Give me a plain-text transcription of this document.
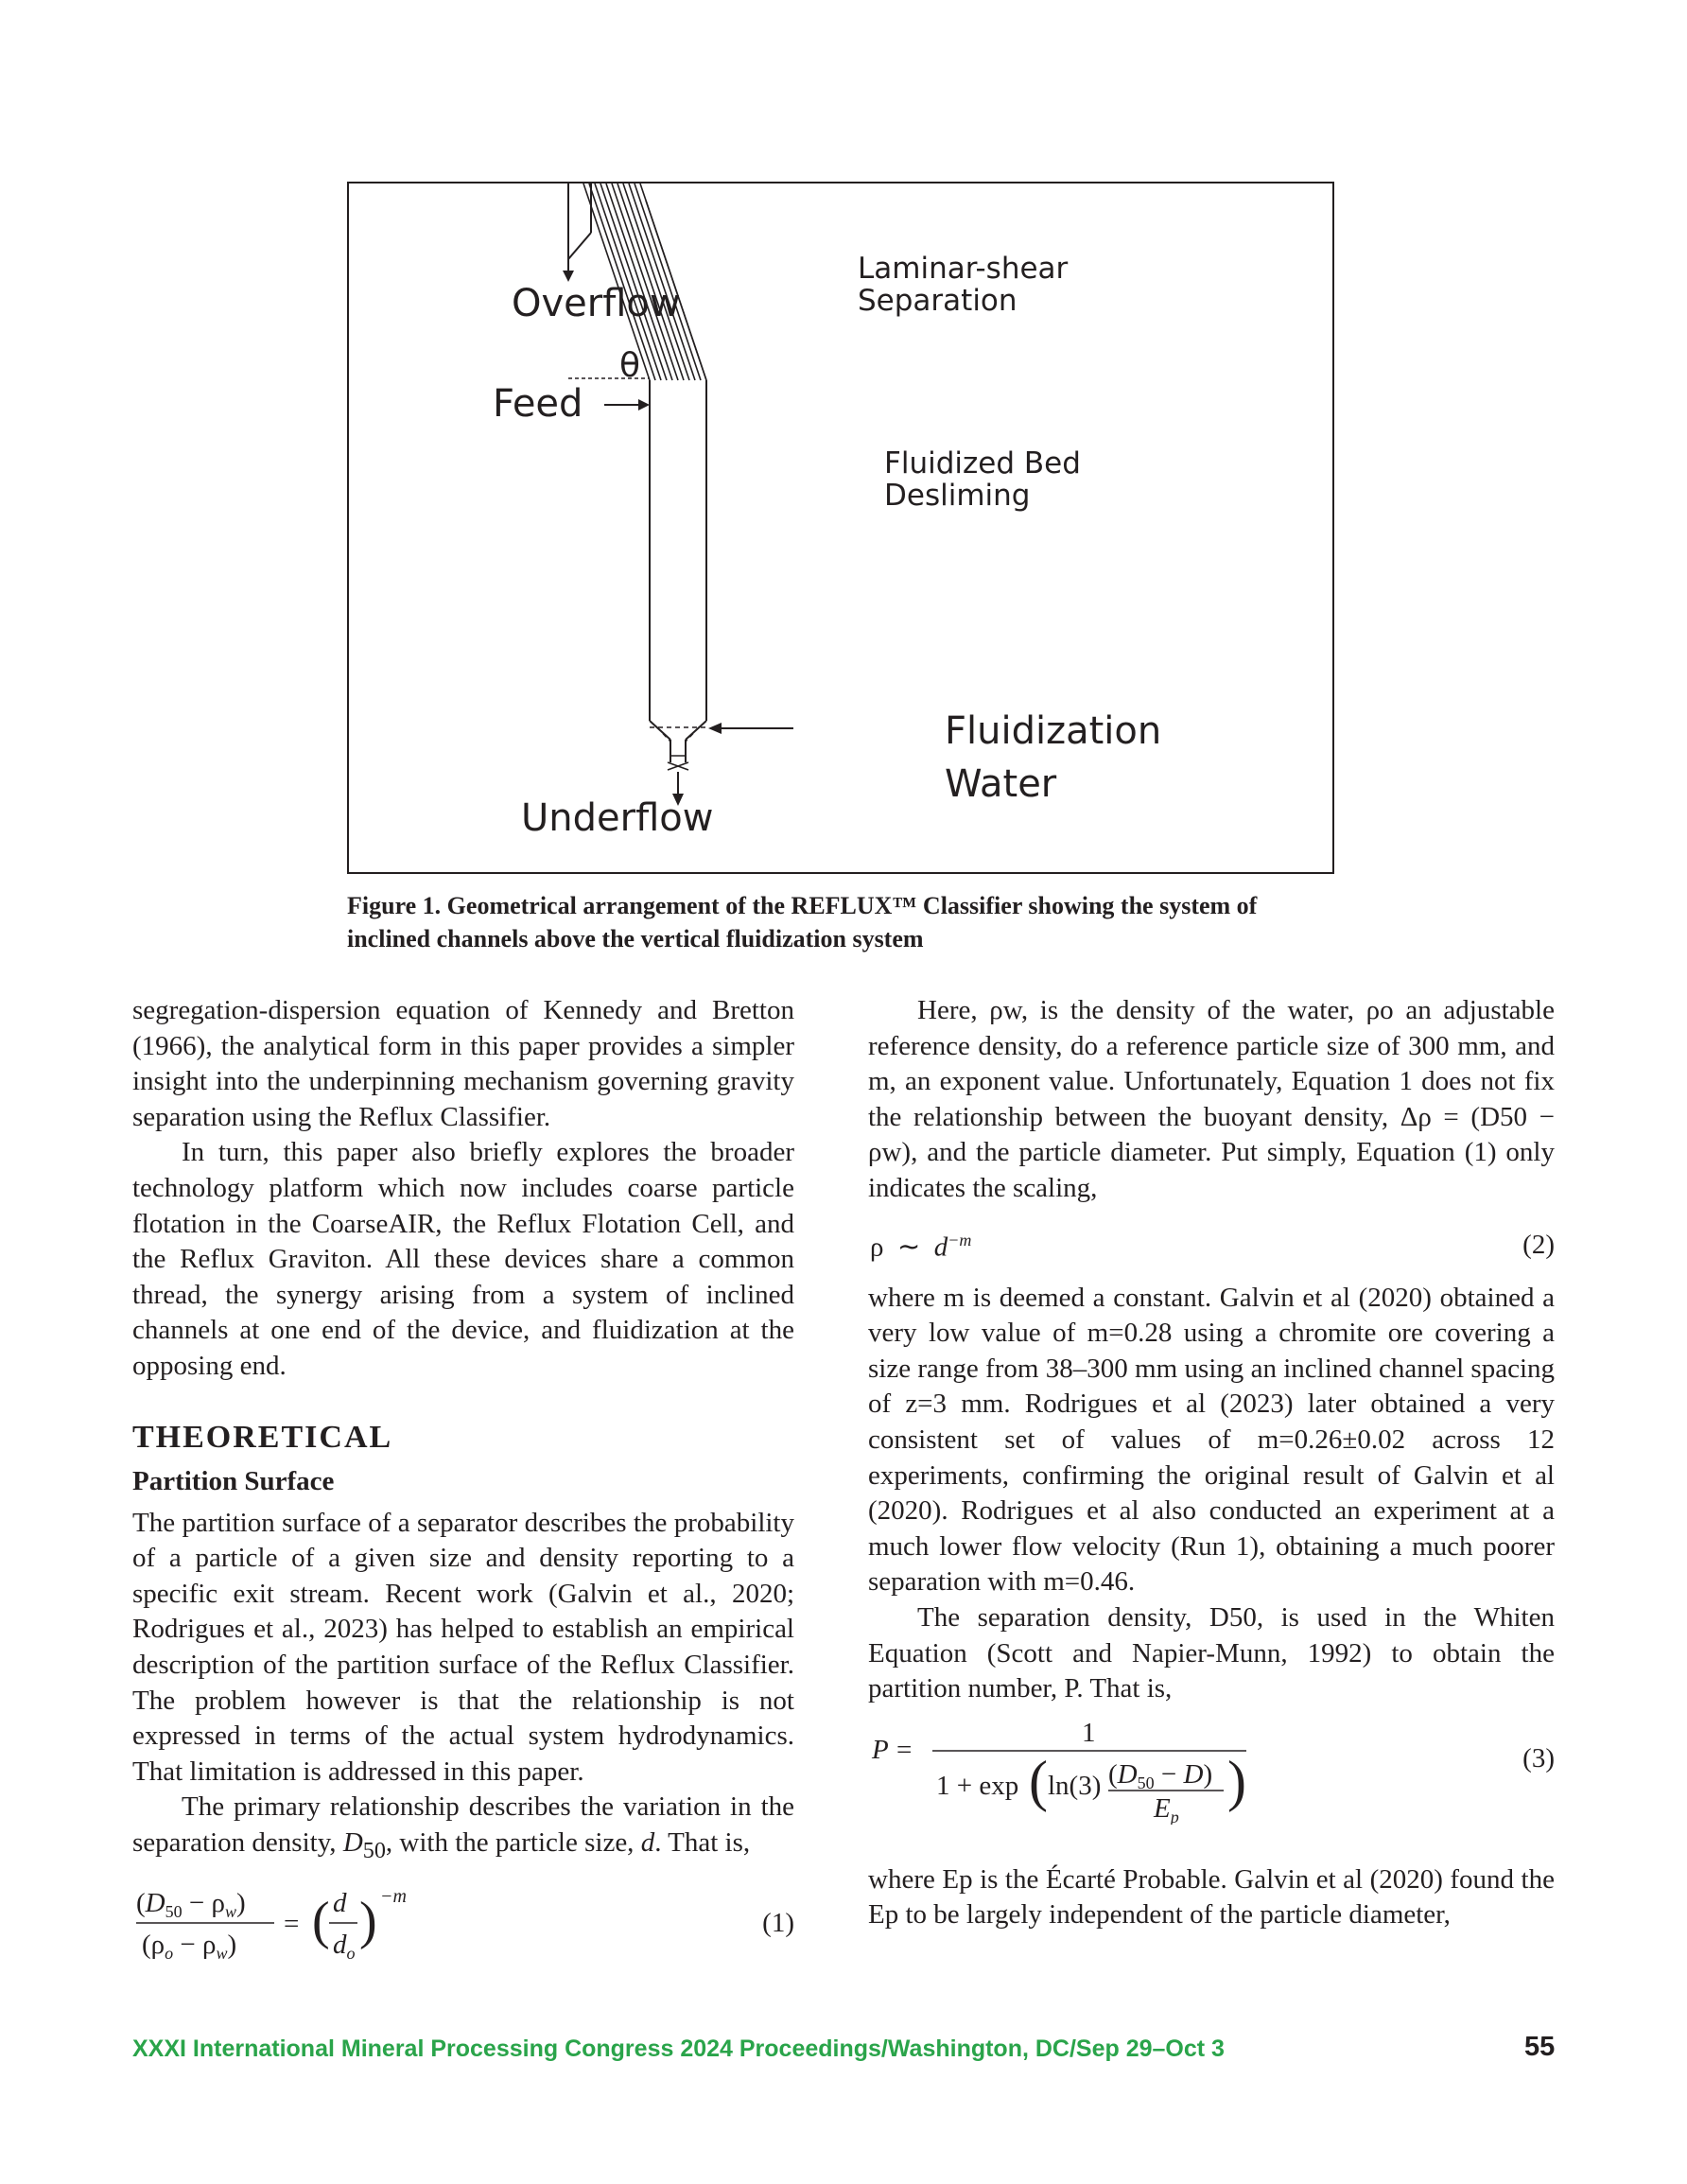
Overflow
Laminar-shear
Separation
θ
Feed
Fluidized Bed
Desliming
Fluidization
Water
Underflow
Figure 1. Geometrical arrangement of the REFLUX™ Classifier showing the system of inclined channels above the vertical fluidization system

segregation-dispersion equation of Kennedy and Bretton (1966), the analytical form in this paper provides a simpler insight into the underpinning mechanism governing gravity separation using the Reflux Classifier.

In turn, this paper also briefly explores the broader technology platform which now includes coarse particle flotation in the CoarseAIR, the Reflux Flotation Cell, and the Reflux Graviton. All these devices share a common thread, the synergy arising from a system of inclined channels at one end of the device, and fluidization at the opposing end.

THEORETICAL
Partition Surface

The partition surface of a separator describes the probability of a particle of a given size and density reporting to a specific exit stream. Recent work (Galvin et al., 2020; Rodrigues et al., 2023) has helped to establish an empirical description of the partition surface of the Reflux Classifier. The problem however is that the relationship is not expressed in terms of the actual system hydrodynamics. That limitation is addressed in this paper.

The primary relationship describes the variation in the separation density, $D_{50}$, with the particle size, d. That is,

$(D_{50} - \rho_w)$
$(\rho_o - \rho_w)$
= ( d
$d_o$
) −m
(1)

Here, ρw, is the density of the water, ρo an adjustable reference density, do a reference particle size of 300 mm, and m, an exponent value. Unfortunately, Equation 1 does not fix the relationship between the buoyant density, Δρ = (D50 − ρw), and the particle diameter. Put simply, Equation (1) only indicates the scaling,

ρ  ∼  $d^{-m}$	(2)

where m is deemed a constant. Galvin et al (2020) obtained a very low value of m=0.28 using a chromite ore covering a size range from 38–300 mm using an inclined channel spacing of z=3 mm. Rodrigues et al (2023) later obtained a very consistent set of values of m=0.26±0.02 across 12 experiments, confirming the original result of Galvin et al (2020). Rodrigues et al also conducted an experiment at a much lower flow velocity (Run 1), obtaining a much poorer separation with m=0.46.

The separation density, D50, is used in the Whiten Equation (Scott and Napier-Munn, 1992) to obtain the partition number, P. That is,

P =
1
1 + exp ( ln(3) $(D_{50} - D)$
$E_p$
)	(3)

where Ep is the Écarté Probable. Galvin et al (2020) found the Ep to be largely independent of the particle diameter,

XXXI International Mineral Processing Congress 2024 Proceedings/Washington, DC/Sep 29–Oct 3	55
